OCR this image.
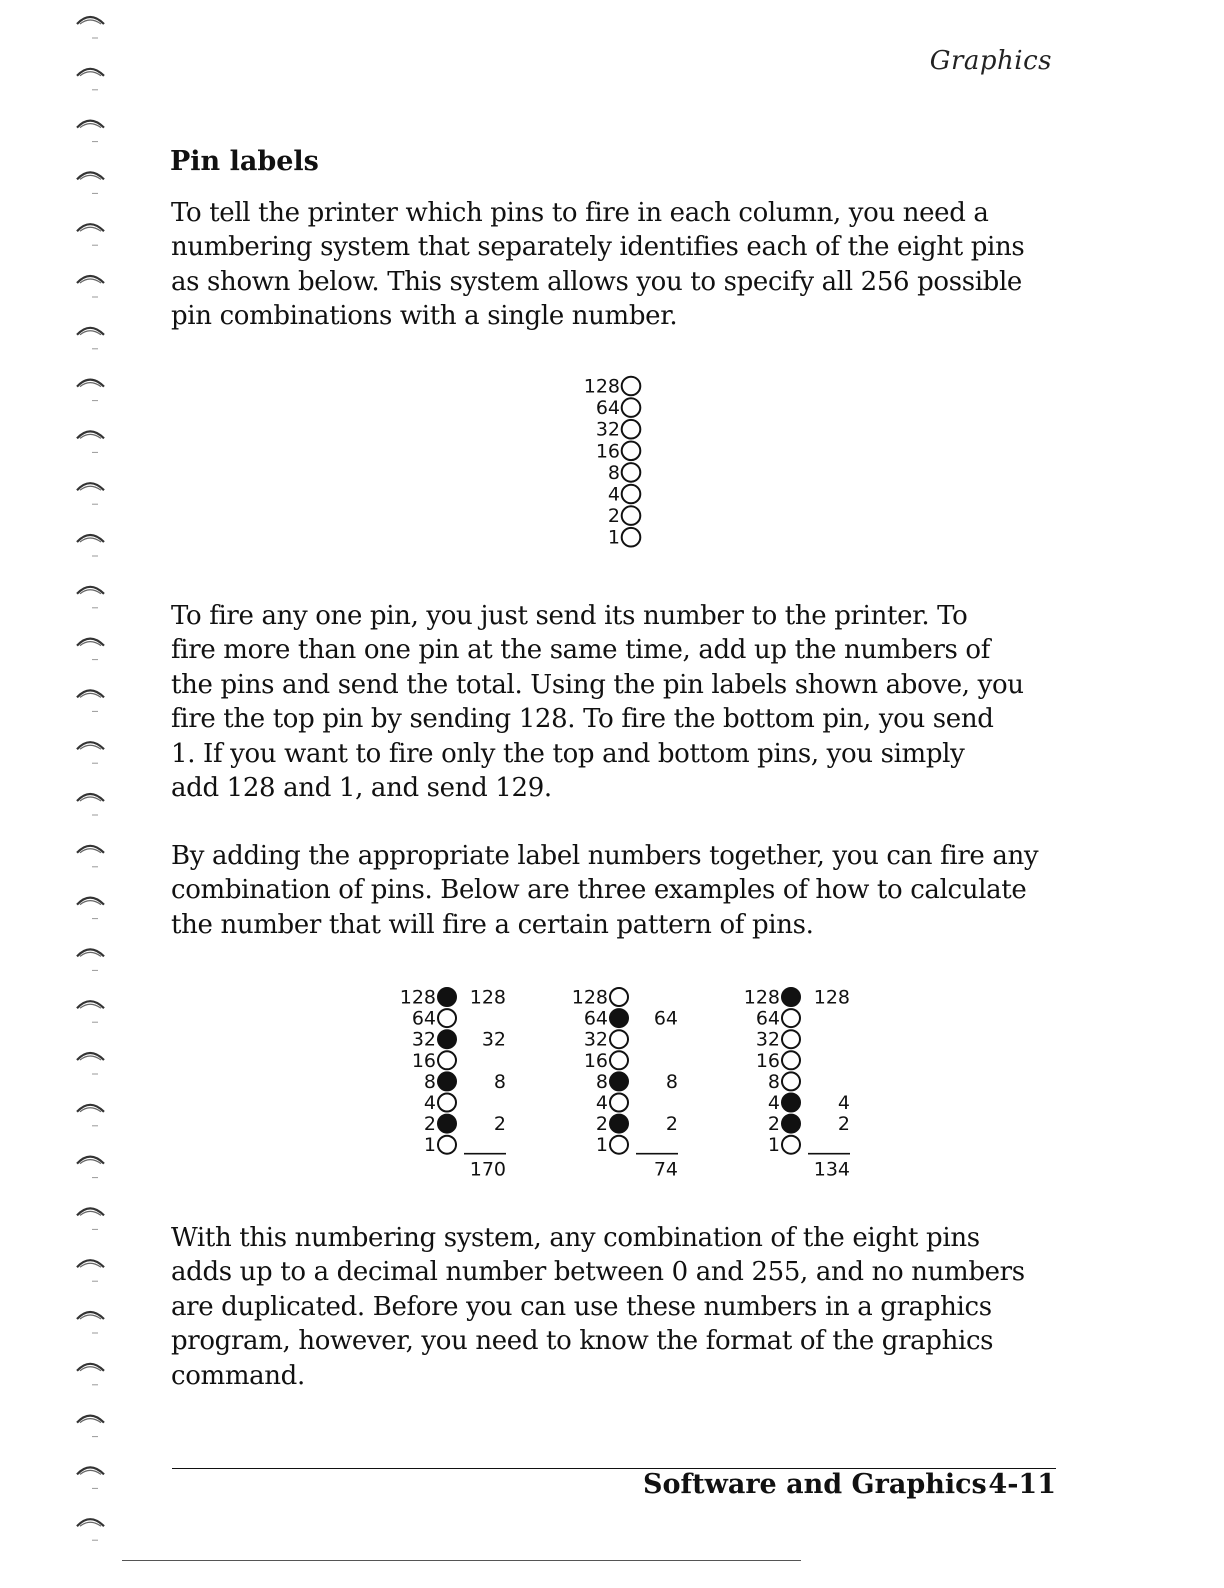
Graphics
Pin labels

To tell the printer which pins to fire in each column, you need a
numbering system that separately identifies each of the eight pins
as shown below. This system allows you to specify all 256 possible
pin combinations with a single number.

128
64
32
16
8
4
2
1

To fire any one pin, you just send its number to the printer. To
fire more than one pin at the same time, add up the numbers of
the pins and send the total. Using the pin labels shown above, you
fire the top pin by sending 128. To fire the bottom pin, you send
1. If you want to fire only the top and bottom pins, you simply
add 128 and 1, and send 129.

By adding the appropriate label numbers together, you can fire any
combination of pins. Below are three examples of how to calculate
the number that will fire a certain pattern of pins.

128 128
64
32 32
16
8	8
4
2	2
1
170
128
64 64
32
16
8	8
4
2	2
1
74
128 128
64
32
16
8
4	4
2	2
1
134

With this numbering system, any combination of the eight pins
adds up to a decimal number between 0 and 255, and no numbers
are duplicated. Before you can use these numbers in a graphics
program, however, you need to know the format of the graphics
command.

Software and Graphics 4-11
